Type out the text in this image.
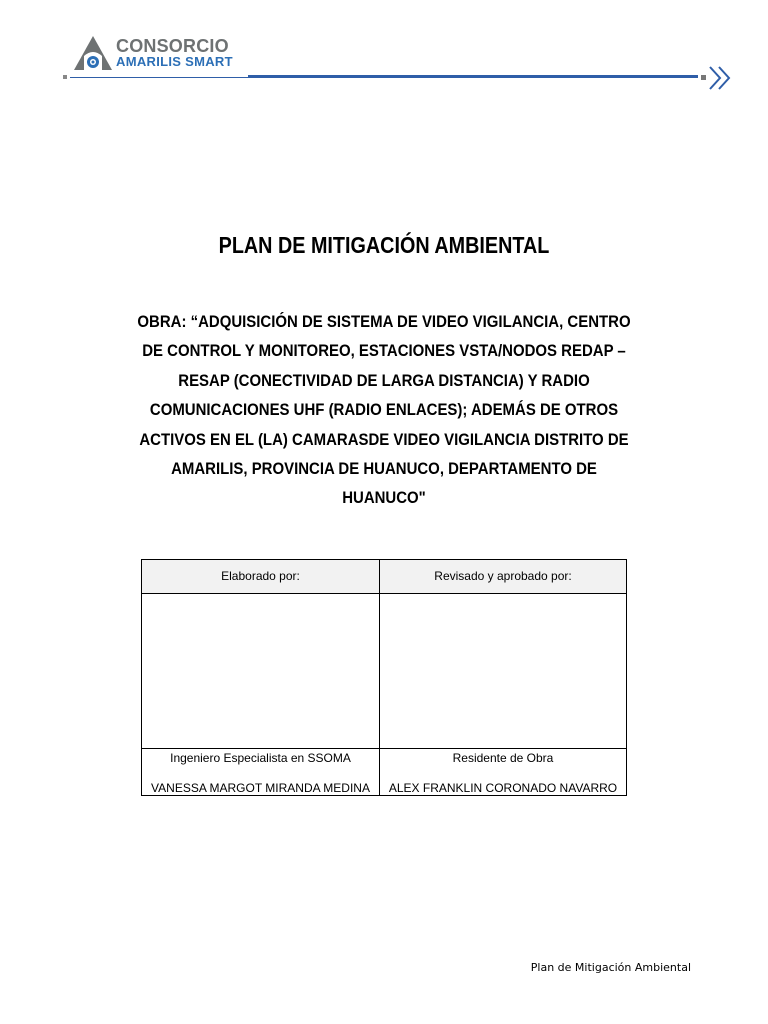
CONSORCIO
AMARILIS SMART
PLAN DE MITIGACIÓN AMBIENTAL
OBRA: “ADQUISICIÓN DE SISTEMA DE VIDEO VIGILANCIA, CENTRO
DE CONTROL Y MONITOREO, ESTACIONES VSTA/NODOS REDAP –
RESAP (CONECTIVIDAD DE LARGA DISTANCIA) Y RADIO
COMUNICACIONES UHF (RADIO ENLACES); ADEMÁS DE OTROS
ACTIVOS EN EL (LA) CAMARASDE VIDEO VIGILANCIA DISTRITO DE
AMARILIS, PROVINCIA DE HUANUCO, DEPARTAMENTO DE
HUANUCO"
Elaborado por:	Revisado y aprobado por:
Ingeniero Especialista en SSOMA
VANESSA MARGOT MIRANDA MEDINA
Residente de Obra
ALEX FRANKLIN CORONADO NAVARRO
Plan de Mitigación Ambiental
